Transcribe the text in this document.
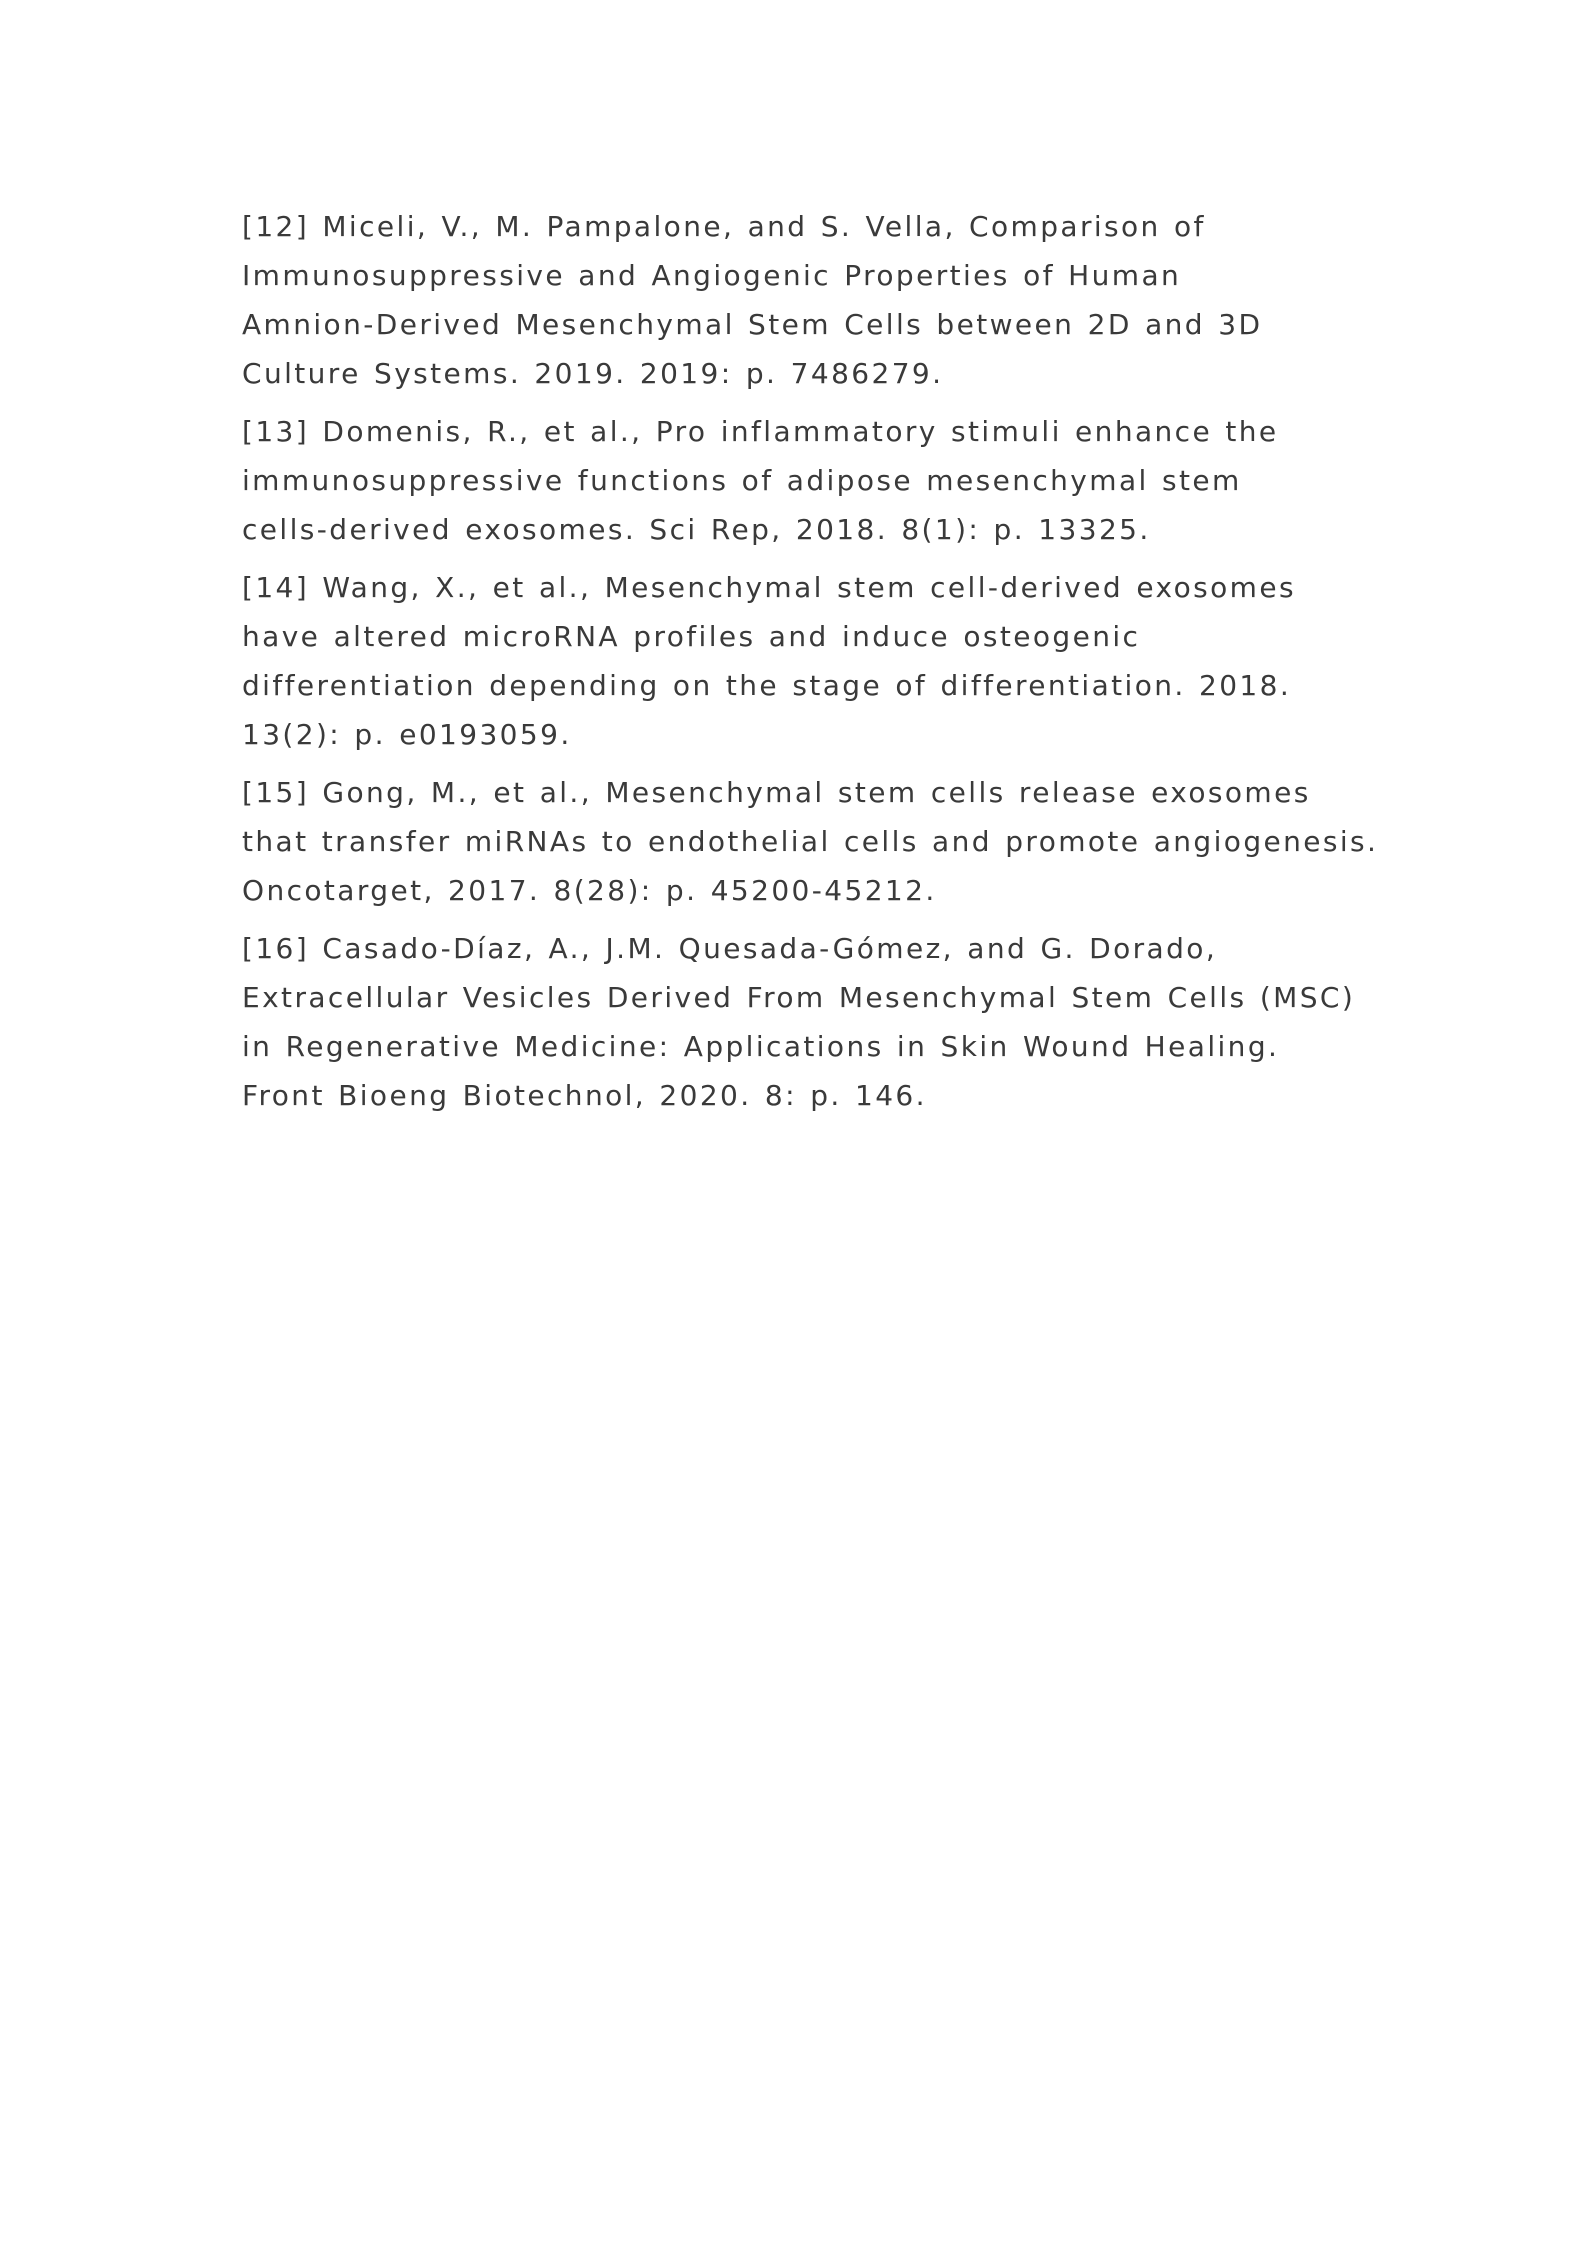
[12] Miceli, V., M. Pampalone, and S. Vella, Comparison of
Immunosuppressive and Angiogenic Properties of Human
Amnion-Derived Mesenchymal Stem Cells between 2D and 3D
Culture Systems. 2019. 2019: p. 7486279.

[13] Domenis, R., et al., Pro inflammatory stimuli enhance the
immunosuppressive functions of adipose mesenchymal stem
cells-derived exosomes. Sci Rep, 2018. 8(1): p. 13325.

[14] Wang, X., et al., Mesenchymal stem cell-derived exosomes
have altered microRNA profiles and induce osteogenic
differentiation depending on the stage of differentiation. 2018.
13(2): p. e0193059.

[15] Gong, M., et al., Mesenchymal stem cells release exosomes
that transfer miRNAs to endothelial cells and promote angiogenesis.
Oncotarget, 2017. 8(28): p. 45200-45212.

[16] Casado-Díaz, A., J.M. Quesada-Gómez, and G. Dorado,
Extracellular Vesicles Derived From Mesenchymal Stem Cells (MSC)
in Regenerative Medicine: Applications in Skin Wound Healing.
Front Bioeng Biotechnol, 2020. 8: p. 146.
